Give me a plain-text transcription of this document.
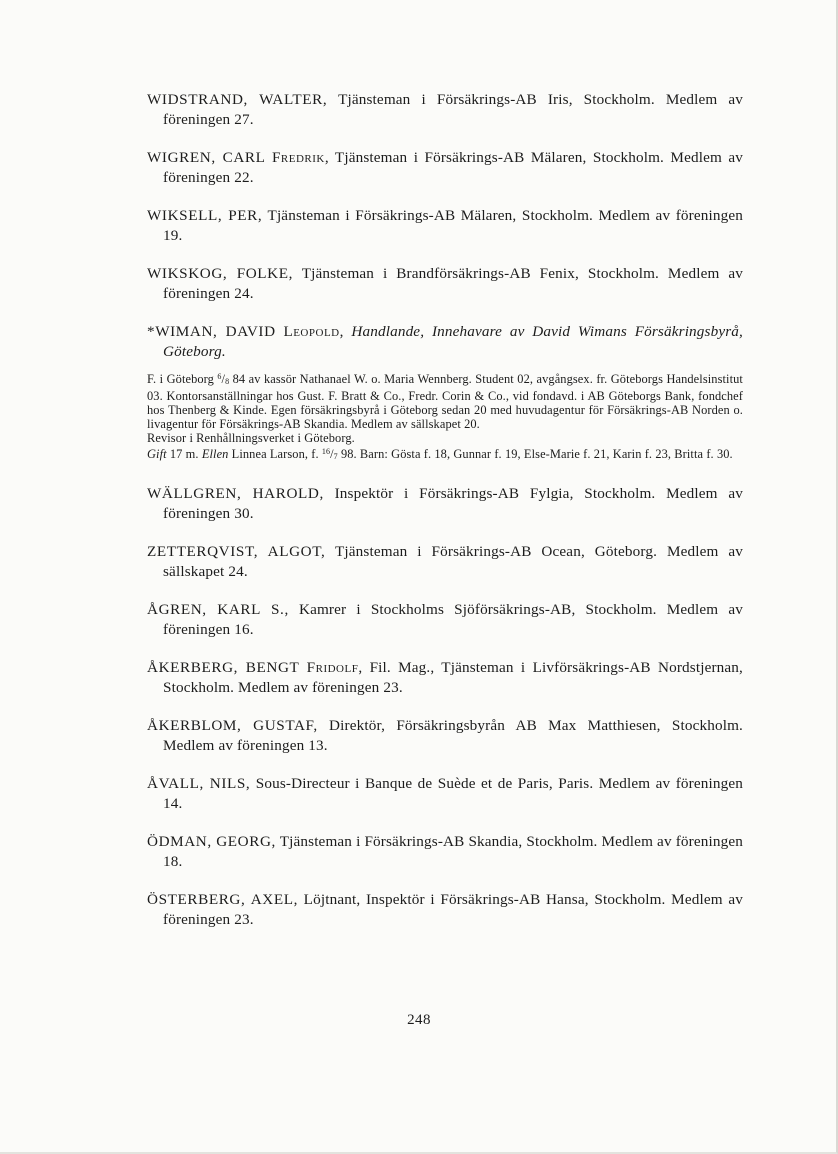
WIDSTRAND, WALTER, Tjänsteman i Försäkrings-AB Iris, Stockholm. Medlem av föreningen 27.

WIGREN, CARL Fredrik, Tjänsteman i Försäkrings-AB Mälaren, Stockholm. Medlem av föreningen 22.

WIKSELL, PER, Tjänsteman i Försäkrings-AB Mälaren, Stockholm. Medlem av föreningen 19.

WIKSKOG, FOLKE, Tjänsteman i Brandförsäkrings-AB Fenix, Stockholm. Medlem av föreningen 24.

*WIMAN, DAVID Leopold, Handlande, Innehavare av David Wimans Försäkringsbyrå, Göteborg.

F. i Göteborg $^6/_8$ 84 av kassör Nathanael W. o. Maria Wennberg. Student 02, avgångsex. fr. Göteborgs Handelsinstitut 03. Kontorsanställningar hos Gust. F. Bratt & Co., Fredr. Corin & Co., vid fondavd. i AB Göteborgs Bank, fondchef hos Thenberg & Kinde. Egen försäkringsbyrå i Göteborg sedan 20 med huvudagentur för Försäkrings-AB Norden o. livagentur för Försäkrings-AB Skandia. Medlem av sällskapet 20.

Revisor i Renhållningsverket i Göteborg.

Gift 17 m. Ellen Linnea Larson, f. $^{16}/_7$ 98. Barn: Gösta f. 18, Gunnar f. 19, Else-Marie f. 21, Karin f. 23, Britta f. 30.

WÄLLGREN, HAROLD, Inspektör i Försäkrings-AB Fylgia, Stockholm. Medlem av föreningen 30.

ZETTERQVIST, ALGOT, Tjänsteman i Försäkrings-AB Ocean, Göteborg. Medlem av sällskapet 24.

ÅGREN, KARL S., Kamrer i Stockholms Sjöförsäkrings-AB, Stockholm. Medlem av föreningen 16.

ÅKERBERG, BENGT Fridolf, Fil. Mag., Tjänsteman i Livförsäkrings-AB Nordstjernan, Stockholm. Medlem av föreningen 23.

ÅKERBLOM, GUSTAF, Direktör, Försäkringsbyrån AB Max Matthiesen, Stockholm. Medlem av föreningen 13.

ÅVALL, NILS, Sous-Directeur i Banque de Suède et de Paris, Paris. Medlem av föreningen 14.

ÖDMAN, GEORG, Tjänsteman i Försäkrings-AB Skandia, Stockholm. Medlem av föreningen 18.

ÖSTERBERG, AXEL, Löjtnant, Inspektör i Försäkrings-AB Hansa, Stockholm. Medlem av föreningen 23.

248
